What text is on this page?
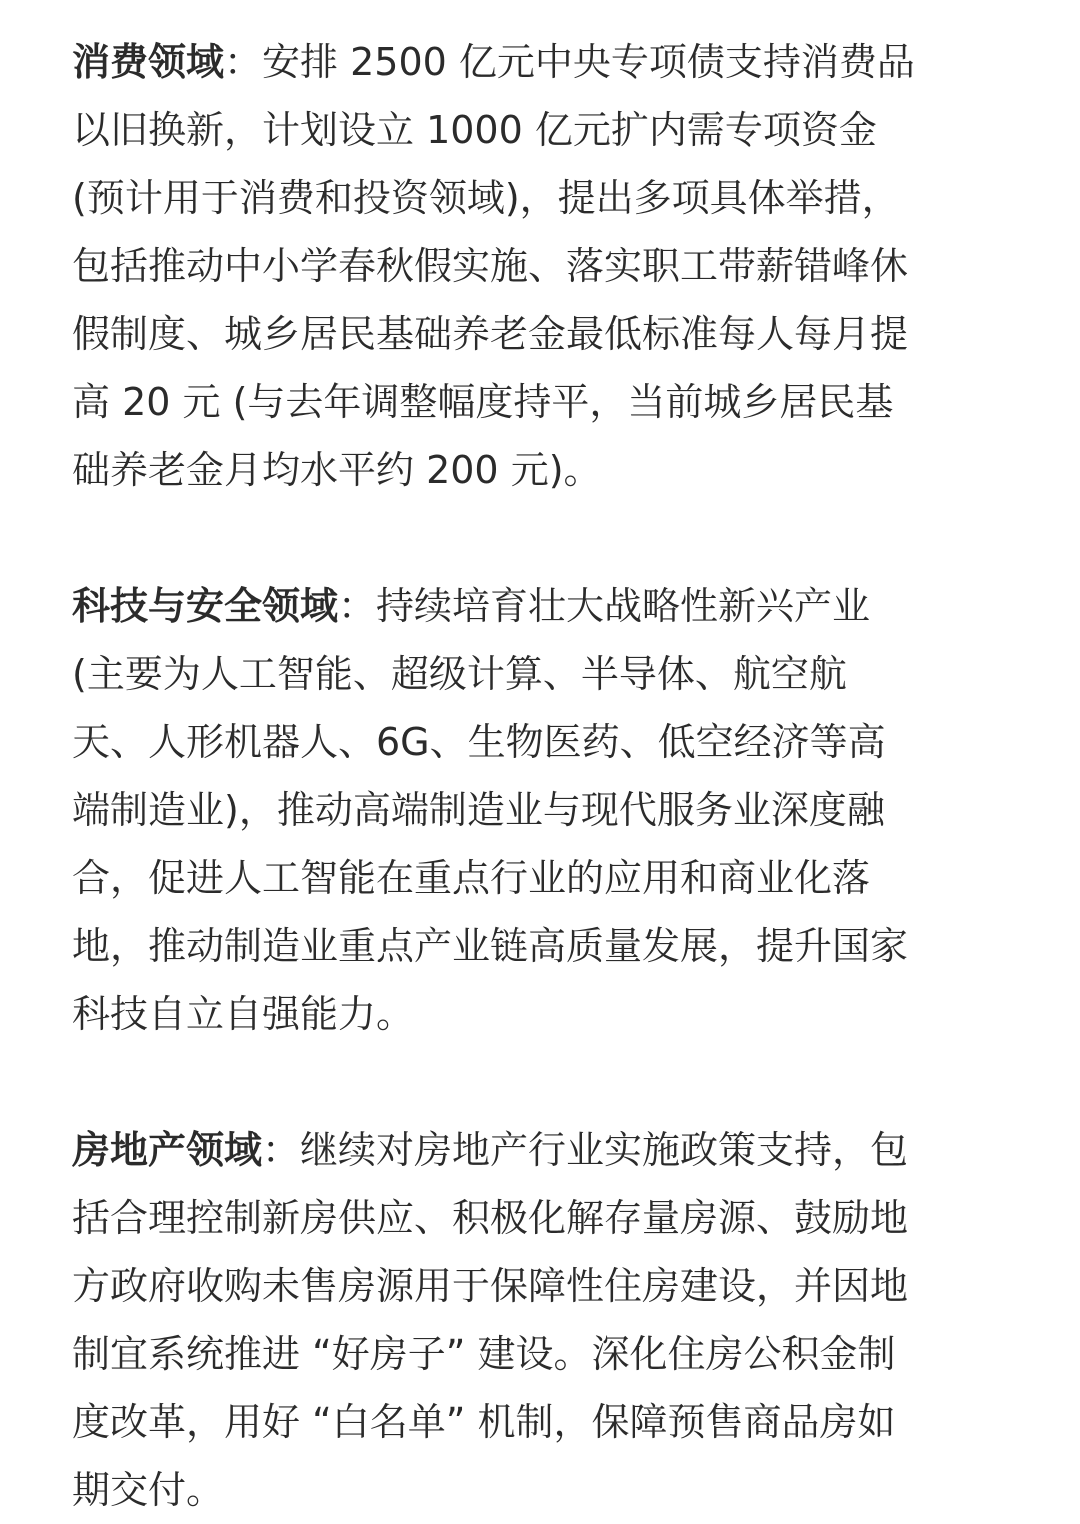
消费领域：安排 2500 亿元中央专项债支持消费品
以旧换新，计划设立 1000 亿元扩内需专项资金
(预计用于消费和投资领域)，提出多项具体举措，
包括推动中小学春秋假实施、落实职工带薪错峰休
假制度、城乡居民基础养老金最低标准每人每月提
高 20 元 (与去年调整幅度持平，当前城乡居民基
础养老金月均水平约 200 元)。
科技与安全领域：持续培育壮大战略性新兴产业
(主要为人工智能、超级计算、半导体、航空航
天、人形机器人、6G、生物医药、低空经济等高
端制造业)，推动高端制造业与现代服务业深度融
合，促进人工智能在重点行业的应用和商业化落
地，推动制造业重点产业链高质量发展，提升国家
科技自立自强能力。
房地产领域：继续对房地产行业实施政策支持，包
括合理控制新房供应、积极化解存量房源、鼓励地
方政府收购未售房源用于保障性住房建设，并因地
制宜系统推进 “好房子” 建设。深化住房公积金制
度改革，用好 “白名单” 机制，保障预售商品房如
期交付。
